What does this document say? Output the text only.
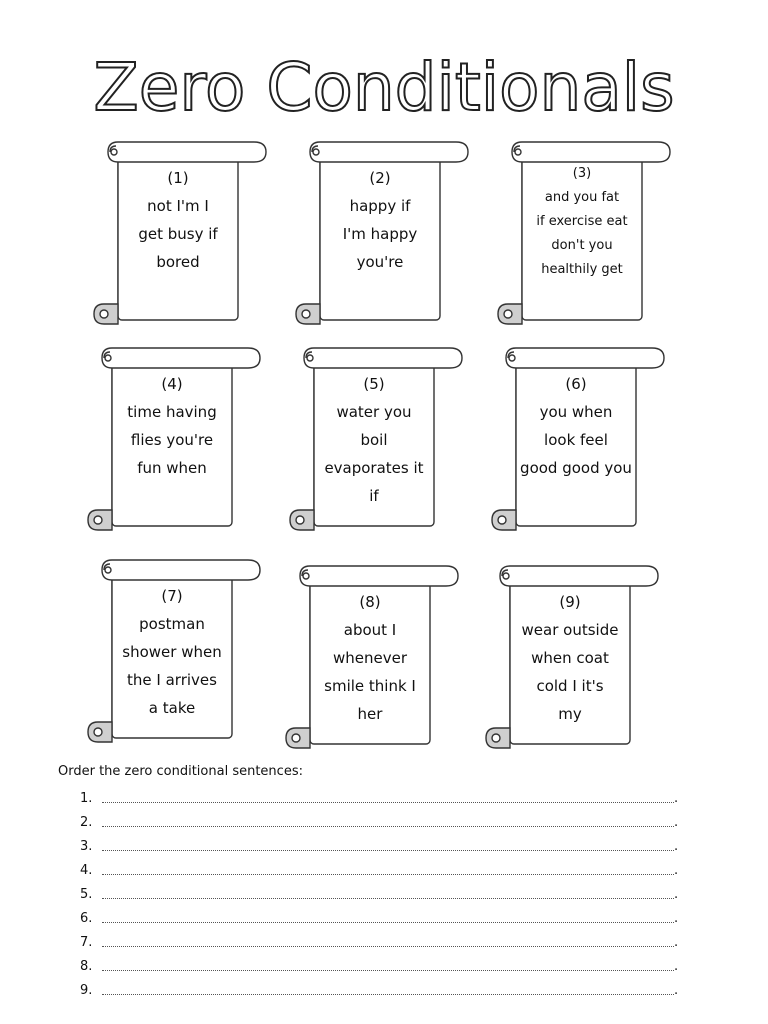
Zero Conditionals
(1)
not I'm I
get busy if
bored
(2)
happy if
I'm happy
you're
(3)
and you fat
if exercise eat
don't you
healthily get
(4)
time having
flies you're
fun when
(5)
water you
boil
evaporates it
if
(6)
you when
look feel
good good you
(7)
postman
shower when
the I arrives
a take
(8)
about I
whenever
smile think I
her
(9)
wear outside
when coat
cold I it's
my
Order the zero conditional sentences:
1.	.
2.	.
3.	.
4.	.
5.	.
6.	.
7.	.
8.	.
9.	.
